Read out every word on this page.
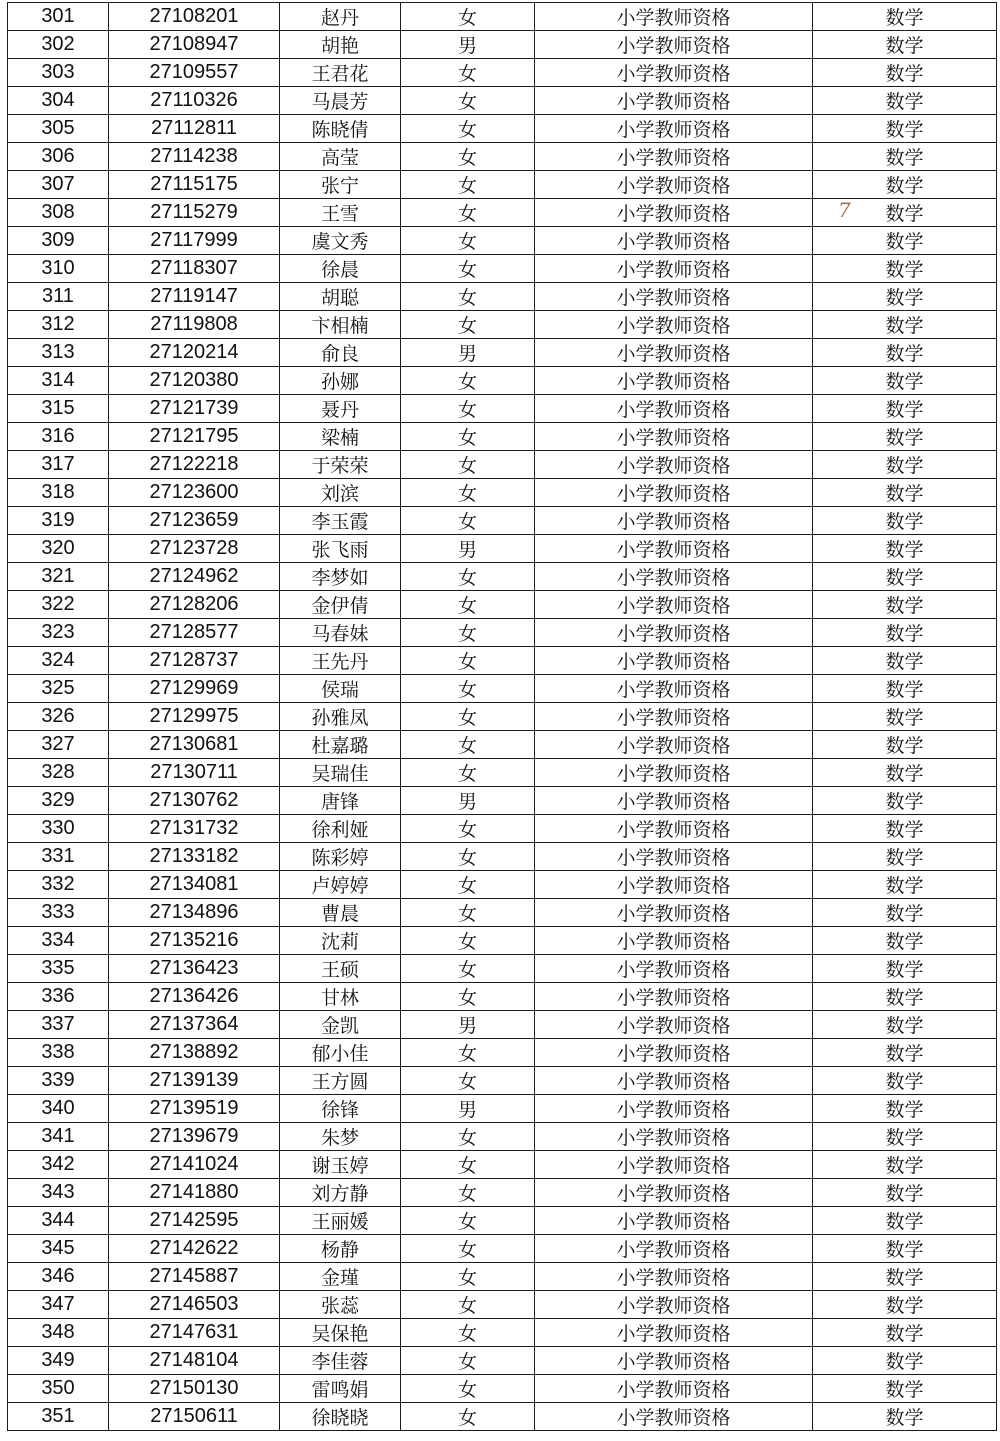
301	27108201	赵丹	女	小学教师资格	数学
302	27108947	胡艳	男	小学教师资格	数学
303	27109557	王君花	女	小学教师资格	数学
304	27110326	马晨芳	女	小学教师资格	数学
305	27112811	陈晓倩	女	小学教师资格	数学
306	27114238	高莹	女	小学教师资格	数学
307	27115175	张宁	女	小学教师资格	数学
308	27115279	王雪	女	小学教师资格	数学
309	27117999	虞文秀	女	小学教师资格	数学
310	27118307	徐晨	女	小学教师资格	数学
311	27119147	胡聪	女	小学教师资格	数学
312	27119808	卞相楠	女	小学教师资格	数学
313	27120214	俞良	男	小学教师资格	数学
314	27120380	孙娜	女	小学教师资格	数学
315	27121739	聂丹	女	小学教师资格	数学
316	27121795	梁楠	女	小学教师资格	数学
317	27122218	于荣荣	女	小学教师资格	数学
318	27123600	刘滨	女	小学教师资格	数学
319	27123659	李玉霞	女	小学教师资格	数学
320	27123728	张飞雨	男	小学教师资格	数学
321	27124962	李梦如	女	小学教师资格	数学
322	27128206	金伊倩	女	小学教师资格	数学
323	27128577	马春妹	女	小学教师资格	数学
324	27128737	王先丹	女	小学教师资格	数学
325	27129969	侯瑞	女	小学教师资格	数学
326	27129975	孙雅凤	女	小学教师资格	数学
327	27130681	杜嘉璐	女	小学教师资格	数学
328	27130711	吴瑞佳	女	小学教师资格	数学
329	27130762	唐锋	男	小学教师资格	数学
330	27131732	徐利娅	女	小学教师资格	数学
331	27133182	陈彩婷	女	小学教师资格	数学
332	27134081	卢婷婷	女	小学教师资格	数学
333	27134896	曹晨	女	小学教师资格	数学
334	27135216	沈莉	女	小学教师资格	数学
335	27136423	王硕	女	小学教师资格	数学
336	27136426	甘林	女	小学教师资格	数学
337	27137364	金凯	男	小学教师资格	数学
338	27138892	郁小佳	女	小学教师资格	数学
339	27139139	王方圆	女	小学教师资格	数学
340	27139519	徐锋	男	小学教师资格	数学
341	27139679	朱梦	女	小学教师资格	数学
342	27141024	谢玉婷	女	小学教师资格	数学
343	27141880	刘方静	女	小学教师资格	数学
344	27142595	王丽媛	女	小学教师资格	数学
345	27142622	杨静	女	小学教师资格	数学
346	27145887	金瑾	女	小学教师资格	数学
347	27146503	张蕊	女	小学教师资格	数学
348	27147631	吴保艳	女	小学教师资格	数学
349	27148104	李佳蓉	女	小学教师资格	数学
350	27150130	雷鸣娟	女	小学教师资格	数学
351	27150611	徐晓晓	女	小学教师资格	数学
7
